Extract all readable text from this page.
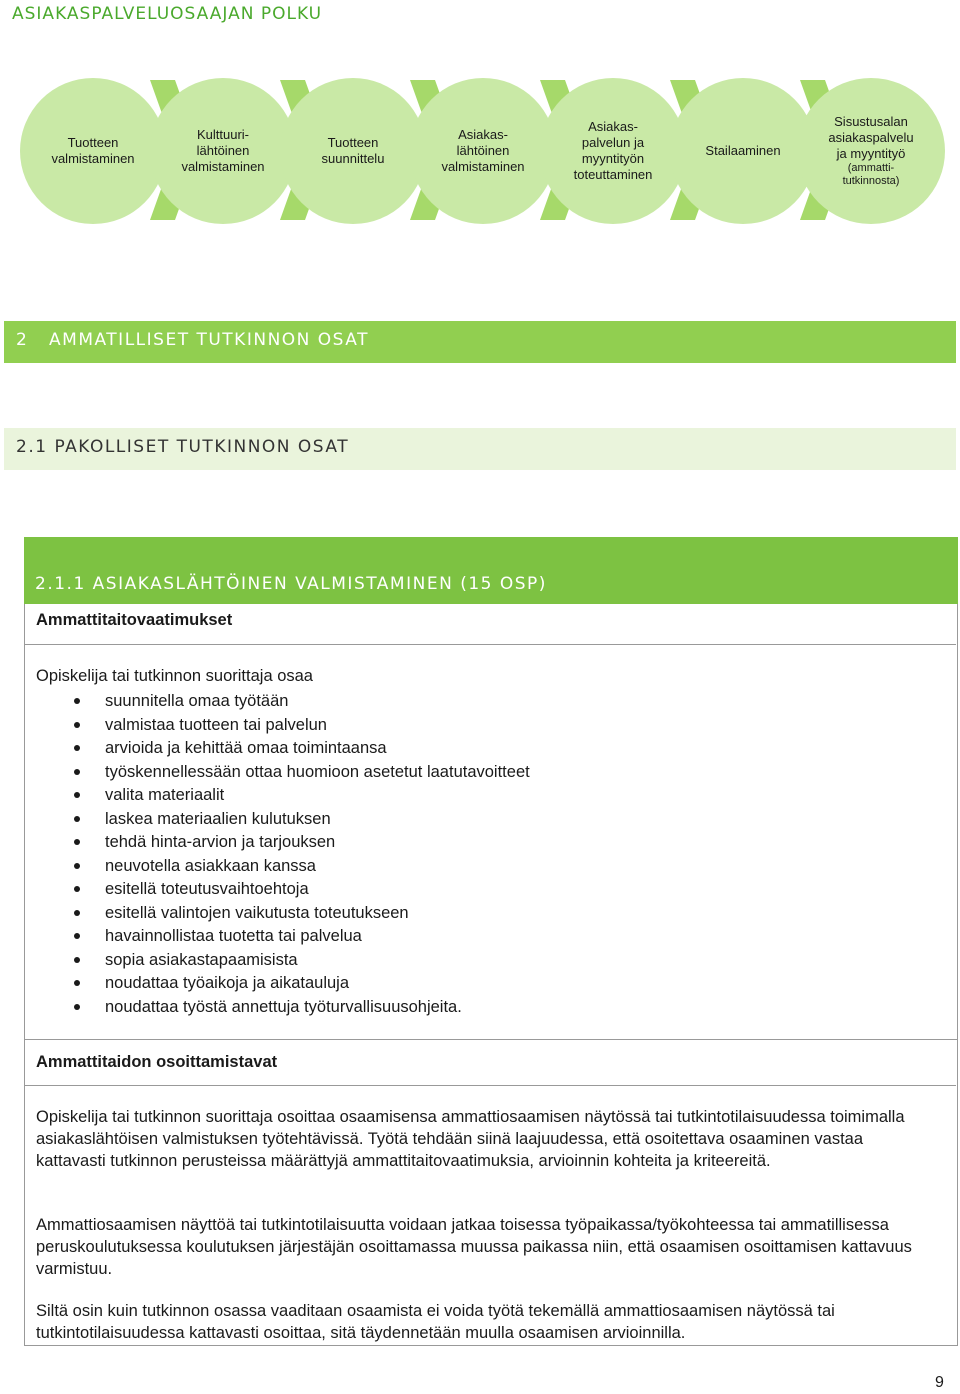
ASIAKASPALVELUOSAAJAN POLKU
Tuotteen
valmistaminen
Kulttuuri-
lähtöinen
valmistaminen
Tuotteen
suunnittelu
Asiakas-
lähtöinen
valmistaminen
Asiakas-
palvelun ja
myyntityön
toteuttaminen
Stailaaminen
Sisustusalan
asiakaspalvelu
ja myyntityö
(ammatti-
tutkinnosta)
2   AMMATILLISET TUTKINNON OSAT
2.1 PAKOLLISET TUTKINNON OSAT
2.1.1 ASIAKASLÄHTÖINEN VALMISTAMINEN (15 OSP)
Ammattitaitovaatimukset
Opiskelija tai tutkinnon suorittaja osaa
suunnitella omaa työtään
valmistaa tuotteen tai palvelun
arvioida ja kehittää omaa toimintaansa
työskennellessään ottaa huomioon asetetut laatutavoitteet
valita materiaalit
laskea materiaalien kulutuksen
tehdä hinta-arvion ja tarjouksen
neuvotella asiakkaan kanssa
esitellä toteutusvaihtoehtoja
esitellä valintojen vaikutusta toteutukseen
havainnollistaa tuotetta tai palvelua
sopia asiakastapaamisista
noudattaa työaikoja ja aikatauluja
noudattaa työstä annettuja työturvallisuusohjeita.
Ammattitaidon osoittamistavat
Opiskelija tai tutkinnon suorittaja osoittaa osaamisensa ammattiosaamisen näytössä tai tutkintotilaisuudessa toimimalla asiakaslähtöisen valmistuksen työtehtävissä. Työtä tehdään siinä laajuudessa, että osoitettava osaaminen vastaa kattavasti tutkinnon perusteissa määrättyjä ammattitaitovaatimuksia, arvioinnin kohteita ja kriteereitä.
Ammattiosaamisen näyttöä tai tutkintotilaisuutta voidaan jatkaa toisessa työpaikassa/työkohteessa tai ammatillisessa peruskoulutuksessa koulutuksen järjestäjän osoittamassa muussa paikassa niin, että osaamisen osoittamisen kattavuus varmistuu.
Siltä osin kuin tutkinnon osassa vaaditaan osaamista ei voida työtä tekemällä ammattiosaamisen näytössä tai tutkintotilaisuudessa kattavasti osoittaa, sitä täydennetään muulla osaamisen arvioinnilla.
9
